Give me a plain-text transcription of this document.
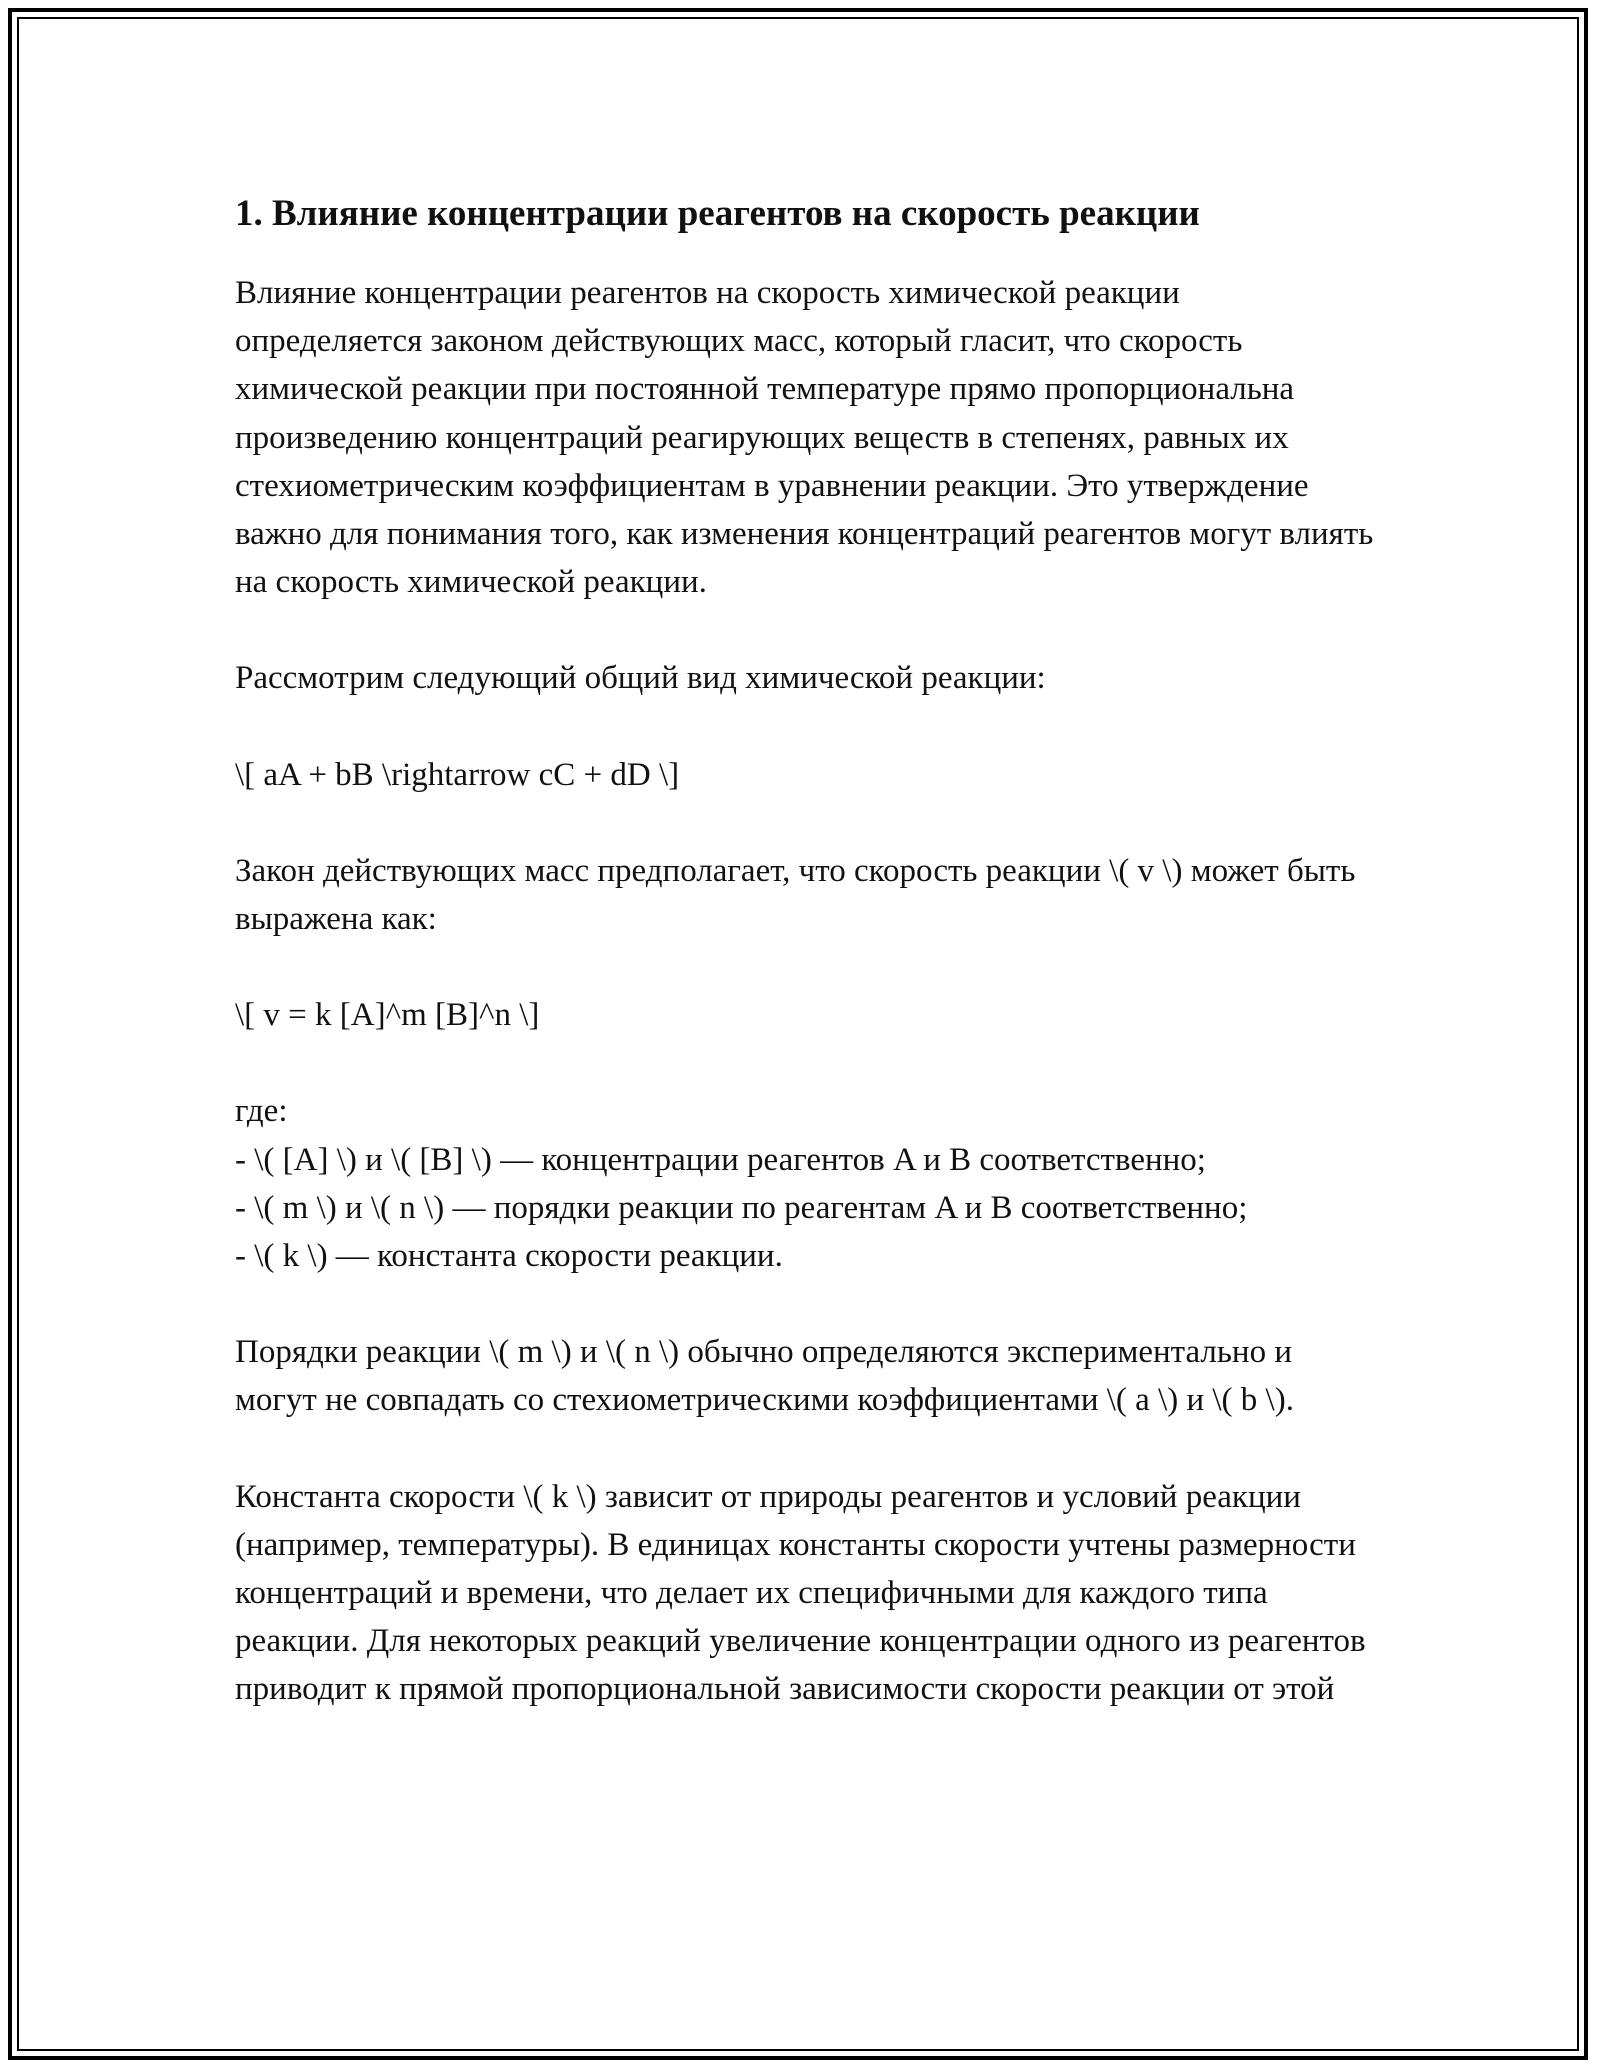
1. Влияние концентрации реагентов на скорость реакции

Влияние концентрации реагентов на скорость химической реакции определяется законом действующих масс, который гласит, что скорость химической реакции при постоянной температуре прямо пропорциональна произведению концентраций реагирующих веществ в степенях, равных их стехиометрическим коэффициентам в уравнении реакции. Это утверждение важно для понимания того, как изменения концентраций реагентов могут влиять на скорость химической реакции.

Рассмотрим следующий общий вид химической реакции:

\[ aA + bB \rightarrow cC + dD \]

Закон действующих масс предполагает, что скорость реакции \( v \) может быть выражена как:

\[ v = k [A]^m [B]^n \]

где:
- \( [A] \) и \( [B] \) — концентрации реагентов A и B соответственно;
- \( m \) и \( n \) — порядки реакции по реагентам A и B соответственно;
- \( k \) — константа скорости реакции.

Порядки реакции \( m \) и \( n \) обычно определяются экспериментально и могут не совпадать со стехиометрическими коэффициентами \( a \) и \( b \).

Константа скорости \( k \) зависит от природы реагентов и условий реакции (например, температуры). В единицах константы скорости учтены размерности концентраций и времени, что делает их специфичными для каждого типа реакции. Для некоторых реакций увеличение концентрации одного из реагентов приводит к прямой пропорциональной зависимости скорости реакции от этой
